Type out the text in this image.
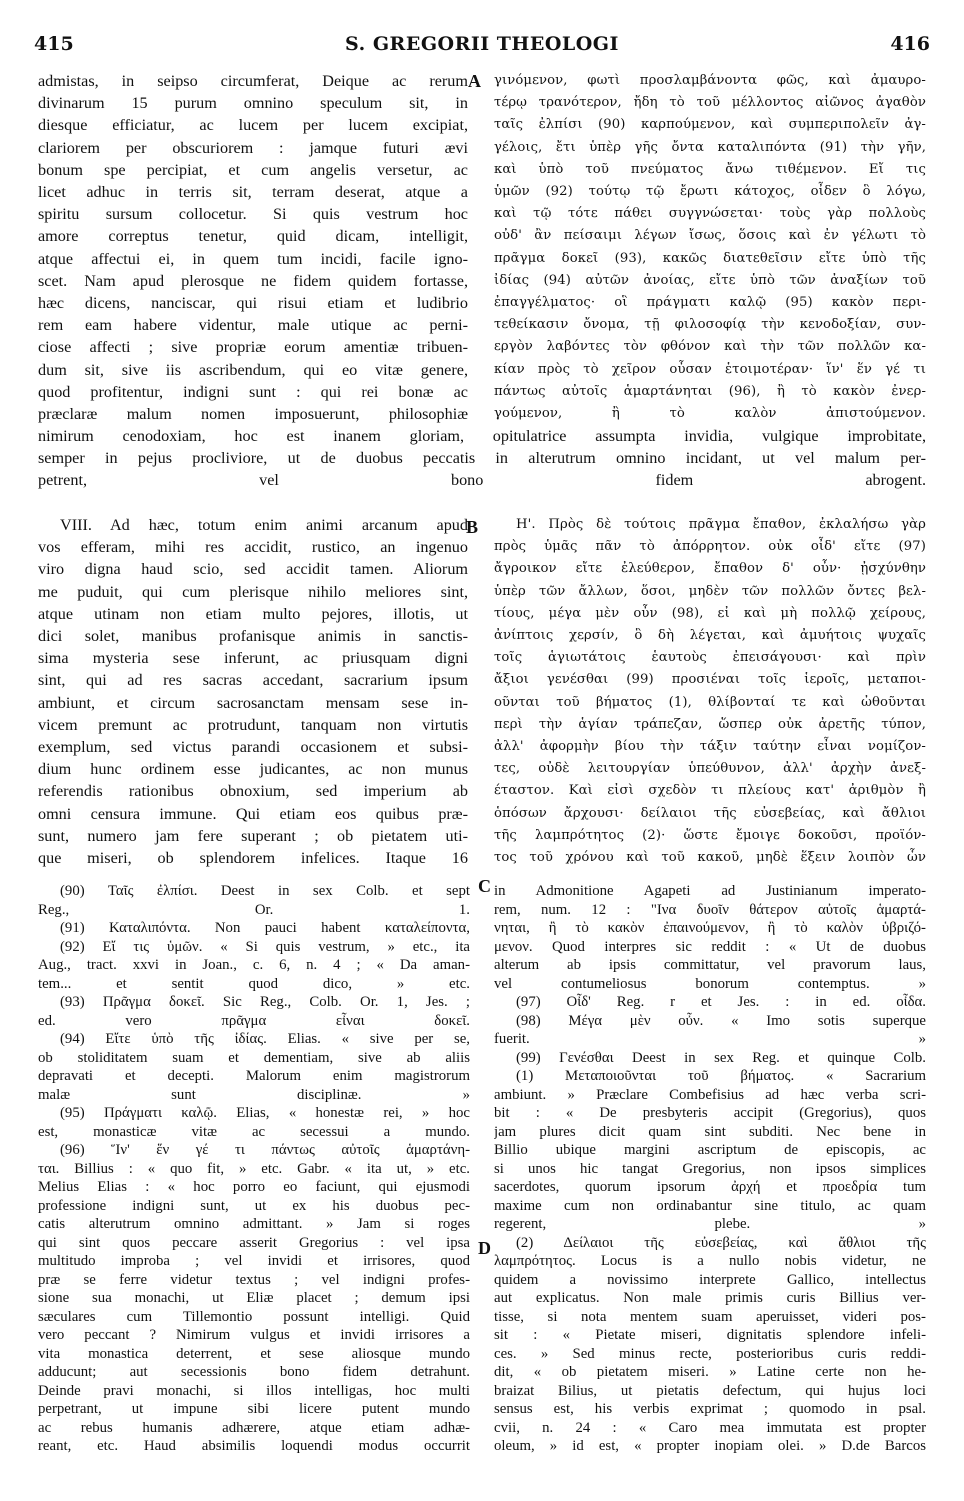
415	S. GREGORII THEOLOGI	416
A
B
C
D
admistas, in seipso circumferat, Deique ac rerum
divinarum 15 purum omnino speculum sit, in
diesque efficiatur, ac lucem per lucem excipiat,
clariorem per obscuriorem : jamque futuri ævi
bonum spe percipiat, et cum angelis versetur, ac
licet adhuc in terris sit, terram deserat, atque a
spiritu sursum collocetur. Si quis vestrum hoc
amore correptus tenetur, quid dicam, intelligit,
atque affectui ei, in quem tum incidi, facile igno-
scet. Nam apud plerosque ne fidem quidem fortasse,
hæc dicens, nanciscar, qui risui etiam et ludibrio
rem eam habere videntur, male utique ac perni-
ciose affecti ; sive propriæ eorum amentiæ tribuen-
dum sit, sive iis ascribendum, qui eo vitæ genere,
quod profitentur, indigni sunt : qui rei bonæ ac
præclaræ malum nomen imposuerunt, philosophiæ
γινόμενον, φωτὶ προσλαμβάνοντα φῶς, καὶ ἀμαυρο-
τέρῳ τρανότερον, ἤδη τὸ τοῦ μέλλοντος αἰῶνος ἀγαθὸν
ταῖς ἐλπίσι (90) καρπούμενον, καὶ συμπεριπολεῖν ἀγ-
γέλοις, ἔτι ὑπὲρ γῆς ὄντα καταλιπόντα (91) τὴν γῆν,
καὶ ὑπὸ τοῦ πνεύματος ἄνω τιθέμενον. Εἴ τις
ὑμῶν (92) τούτῳ τῷ ἔρωτι κάτοχος, οἶδεν ὃ λόγω,
καὶ τῷ τότε πάθει συγγνώσεται· τοὺς γὰρ πολλοὺς
οὐδ' ἂν πείσαιμι λέγων ἴσως, ὅσοις καὶ ἐν γέλωτι τὸ
πρᾶγμα δοκεῖ (93), κακῶς διατεθεῖσιν εἴτε ὑπὸ τῆς
ἰδίας (94) αὐτῶν ἀνοίας, εἴτε ὑπὸ τῶν ἀναξίων τοῦ
ἐπαγγέλματος· οἳ πράγματι καλῷ (95) κακὸν περι-
τεθείκασιν ὄνομα, τῇ φιλοσοφίᾳ τὴν κενοδοξίαν, συν-
εργὸν λαβόντες τὸν φθόνον καὶ τὴν τῶν πολλῶν κα-
κίαν πρὸς τὸ χεῖρον οὖσαν ἑτοιμοτέραν· ἵν' ἕν γέ τι
πάντως αὐτοῖς ἁμαρτάνηται (96), ἢ τὸ κακὸν ἐνερ-
γούμενον, ἢ τὸ καλὸν ἀπιστούμενον.
nimirum cenodoxiam, hoc est inanem gloriam, opitulatrice assumpta invidia, vulgique improbitate,
semper in pejus procliviore, ut de duobus peccatis in alterutrum omnino incidant, ut vel malum per-
petrent, vel bono fidem abrogent.
VIII. Ad hæc, totum enim animi arcanum apud
vos efferam, mihi res accidit, rustico, an ingenuo
viro digna haud scio, sed accidit tamen. Aliorum
me puduit, qui cum plerisque nihilo meliores sint,
atque utinam non etiam multo pejores, illotis, ut
dici solet, manibus profanisque animis in sanctis-
sima mysteria sese inferunt, ac priusquam digni
sint, qui ad res sacras accedant, sacrarium ipsum
ambiunt, et circum sacrosanctam mensam sese in-
vicem premunt ac protrudunt, tanquam non virtutis
exemplum, sed victus parandi occasionem et subsi-
dium hunc ordinem esse judicantes, ac non munus
referendis rationibus obnoxium, sed imperium ab
omni censura immune. Qui etiam eos quibus præ-
sunt, numero jam fere superant ; ob pietatem uti-
que miseri, ob splendorem infelices. Itaque 16
Η'. Πρὸς δὲ τούτοις πρᾶγμα ἔπαθον, ἐκλαλήσω γὰρ
πρὸς ὑμᾶς πᾶν τὸ ἀπόρρητον. οὐκ οἶδ' εἴτε (97)
ἄγροικον εἴτε ἐλεύθερον, ἔπαθον δ' οὖν· ᾐσχύνθην
ὑπὲρ τῶν ἄλλων, ὅσοι, μηδὲν τῶν πολλῶν ὄντες βελ-
τίους, μέγα μὲν οὖν (98), εἰ καὶ μὴ πολλῷ χείρους,
ἀνίπτοις χερσίν, ὃ δὴ λέγεται, καὶ ἀμυήτοις ψυχαῖς
τοῖς ἁγιωτάτοις ἑαυτοὺς ἐπεισάγουσι· καὶ πρὶν
ἄξιοι γενέσθαι (99) προσιέναι τοῖς ἱεροῖς, μεταποι-
οῦνται τοῦ βήματος (1), θλίβονταί τε καὶ ὠθοῦνται
περὶ τὴν ἁγίαν τράπεζαν, ὥσπερ οὐκ ἀρετῆς τύπον,
ἀλλ' ἀφορμὴν βίου τὴν τάξιν ταύτην εἶναι νομίζον-
τες, οὐδὲ λειτουργίαν ὑπεύθυνον, ἀλλ' ἀρχὴν ἀνεξ-
έταστον. Καὶ εἰσὶ σχεδὸν τι πλείους κατ' ἀριθμὸν ἢ
ὁπόσων ἄρχουσι· δείλαιοι τῆς εὐσεβείας, καὶ ἄθλιοι
τῆς λαμπρότητος (2)· ὥστε ἔμοιγε δοκοῦσι, προϊόν-
τος τοῦ χρόνου καὶ τοῦ κακοῦ, μηδὲ ἕξειν λοιπὸν ὧν
(90) Ταῖς ἐλπίσι. Deest in sex Colb. et sept
Reg., Or. 1.
(91) Καταλιπόντα. Non pauci habent καταλείποντα,
(92) Εἴ τις ὑμῶν. « Si quis vestrum, » etc., ita
Aug., tract. xxvi in Joan., c. 6, n. 4 ; « Da aman-
tem... et sentit quod dico, » etc.
(93) Πρᾶγμα δοκεῖ. Sic Reg., Colb. Or. 1, Jes. ;
ed. vero πρᾶγμα εἶναι δοκεῖ.
(94) Εἴτε ὑπὸ τῆς ἰδίας. Elias. « sive per se,
ob stoliditatem suam et dementiam, sive ab aliis
depravati et decepti. Malorum enim magistrorum
malæ sunt disciplinæ. »
(95) Πράγματι καλῷ. Elias, « honestæ rei, » hoc
est, monasticæ vitæ ac secessui a mundo.
(96) Ἵν' ἕν γέ τι πάντως αὐτοῖς ἁμαρτάνη-
ται. Billius : « quo fit, » etc. Gabr. « ita ut, » etc.
Melius Elias : « hoc porro eo faciunt, qui ejusmodi
professione indigni sunt, ut ex his duobus pec-
catis alterutrum omnino admittant. » Jam si roges
qui sint quos peccare asserit Gregorius : vel ipsa
multitudo improba ; vel invidi et irrisores, quod
præ se ferre videtur textus ; vel indigni profes-
sione sua monachi, ut Eliæ placet ; demum ipsi
sæculares cum Tillemontio possunt intelligi. Quid
vero peccant ? Nimirum vulgus et invidi irrisores a
vita monastica deterrent, et sese aliosque mundo
adducunt; aut secessionis bono fidem detrahunt.
Deinde pravi monachi, si illos intelligas, hoc multi
perpetrant, ut impune sibi licere putent mundo
ac rebus humanis adhærere, atque etiam adhæ-
reant, etc. Haud absimilis loquendi modus occurrit
in Admonitione Agapeti ad Justinianum imperato-
rem, num. 12 : "Ινα δυοῖν θάτερον αὐτοῖς ἁμαρτά-
νηται, ἢ τὸ κακὸν ἐπαινούμενον, ἢ τὸ καλὸν ὑβριζό-
μενον. Quod interpres sic reddit : « Ut de duobus
alterum ab ipsis committatur, vel pravorum laus,
vel contumeliosus bonorum contemptus. »
(97) Οἶδ' Reg. r et Jes. : in ed. οἶδα.
(98) Μέγα μὲν οὖν. « Imo sotis superque
fuerit. »
(99) Γενέσθαι Deest in sex Reg. et quinque Colb.
(1) Μεταποιοῦνται τοῦ βήματος. « Sacrarium
ambiunt. » Præclare Combefisius ad hæc verba scri-
bit : « De presbyteris accipit (Gregorius), quos
jam plures dicit quam sint subditi. Nec bene in
Billio ubique margini ascriptum de episcopis, ac
si unos hic tangat Gregorius, non ipsos simplices
sacerdotes, quorum ipsorum ἀρχή et προεδρία tum
maxime cum non ordinabantur sine titulo, ac quam
regerent, plebe. »
(2) Δείλαιοι τῆς εὐσεβείας, καὶ ἄθλιοι τῆς
λαμπρότητος. Locus is a nullo nobis videtur, ne
quidem a novissimo interprete Gallico, intellectus
aut explicatus. Non male primis curis Billius ver-
tisse, si nota mentem suam aperuisset, videri pos-
sit : « Pietate miseri, dignitatis splendore infeli-
ces. » Sed minus recte, posterioribus curis reddi-
dit, « ob pietatem miseri. » Latine certe non he-
braizat Bilius, ut pietatis defectum, qui hujus loci
sensus est, his verbis exprimat ; quomodo in psal.
cvii, n. 24 : « Caro mea immutata est propter
oleum, » id est, « propter inopiam olei. » D.de Barcos
